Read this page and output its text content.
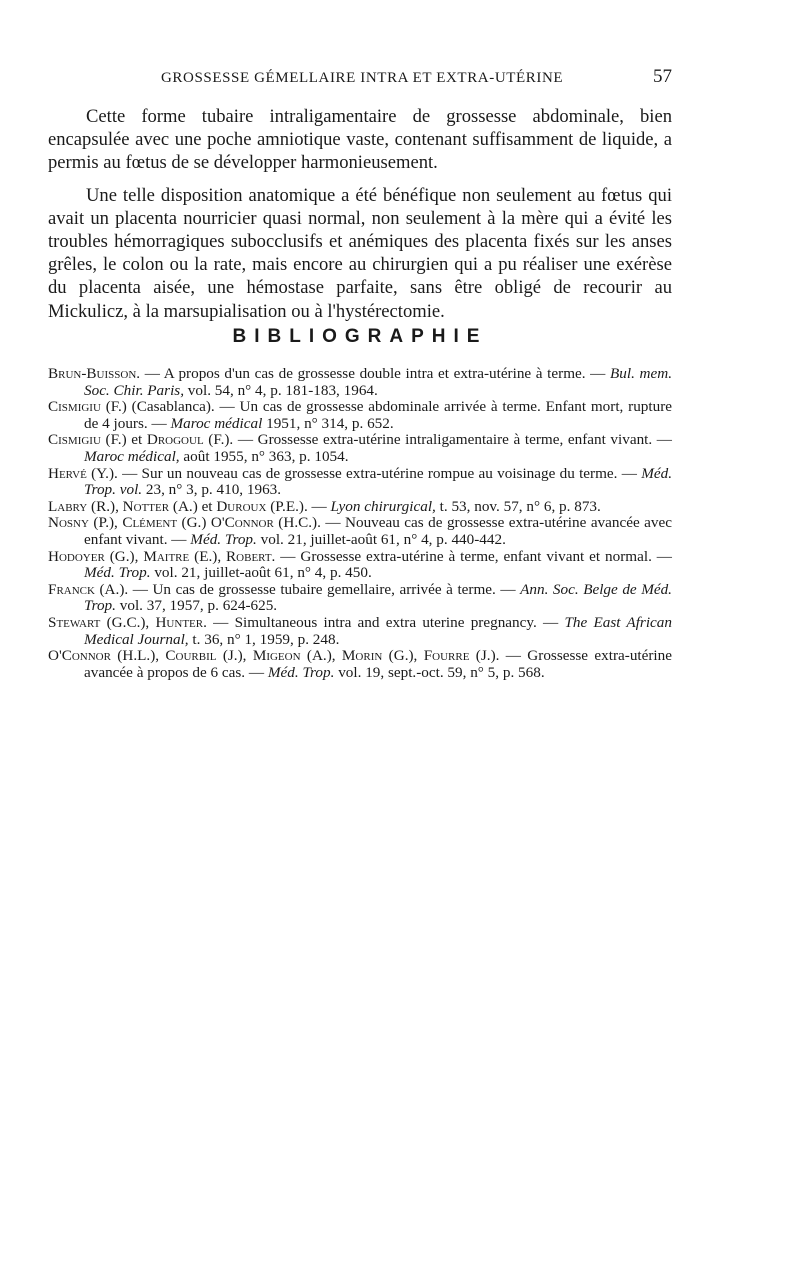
GROSSESSE GÉMELLAIRE INTRA ET EXTRA-UTÉRINE	57

Cette forme tubaire intraligamentaire de grossesse abdominale, bien encapsulée avec une poche amniotique vaste, contenant suffisamment de liquide, a permis au fœtus de se développer harmonieusement.

Une telle disposition anatomique a été bénéfique non seulement au fœtus qui avait un placenta nourricier quasi normal, non seulement à la mère qui a évité les troubles hémorragiques subocclusifs et anémiques des placenta fixés sur les anses grêles, le colon ou la rate, mais encore au chirurgien qui a pu réaliser une exérèse du placenta aisée, une hémostase parfaite, sans être obligé de recourir au Mickulicz, à la marsupialisation ou à l'hystérectomie.

BIBLIOGRAPHIE

Brun-Buisson. — A propos d'un cas de grossesse double intra et extra-utérine à terme. — Bul. mem. Soc. Chir. Paris, vol. 54, n° 4, p. 181-183, 1964.

Cismigiu (F.) (Casablanca). — Un cas de grossesse abdominale arrivée à terme. Enfant mort, rupture de 4 jours. — Maroc médical 1951, n° 314, p. 652.

Cismigiu (F.) et Drogoul (F.). — Grossesse extra-utérine intraligamentaire à terme, enfant vivant. — Maroc médical, août 1955, n° 363, p. 1054.

Hervé (Y.). — Sur un nouveau cas de grossesse extra-utérine rompue au voisinage du terme. — Méd. Trop. vol. 23, n° 3, p. 410, 1963.

Labry (R.), Notter (A.) et Duroux (P.E.). — Lyon chirurgical, t. 53, nov. 57, n° 6, p. 873.

Nosny (P.), Clément (G.) O'Connor (H.C.). — Nouveau cas de grossesse extra-utérine avancée avec enfant vivant. — Méd. Trop. vol. 21, juillet-août 61, n° 4, p. 440-442.

Hodoyer (G.), Maitre (E.), Robert. — Grossesse extra-utérine à terme, enfant vivant et normal. — Méd. Trop. vol. 21, juillet-août 61, n° 4, p. 450.

Franck (A.). — Un cas de grossesse tubaire gemellaire, arrivée à terme. — Ann. Soc. Belge de Méd. Trop. vol. 37, 1957, p. 624-625.

Stewart (G.C.), Hunter. — Simultaneous intra and extra uterine pregnancy. — The East African Medical Journal, t. 36, n° 1, 1959, p. 248.

O'Connor (H.L.), Courbil (J.), Migeon (A.), Morin (G.), Fourre (J.). — Grossesse extra-utérine avancée à propos de 6 cas. — Méd. Trop. vol. 19, sept.-oct. 59, n° 5, p. 568.
